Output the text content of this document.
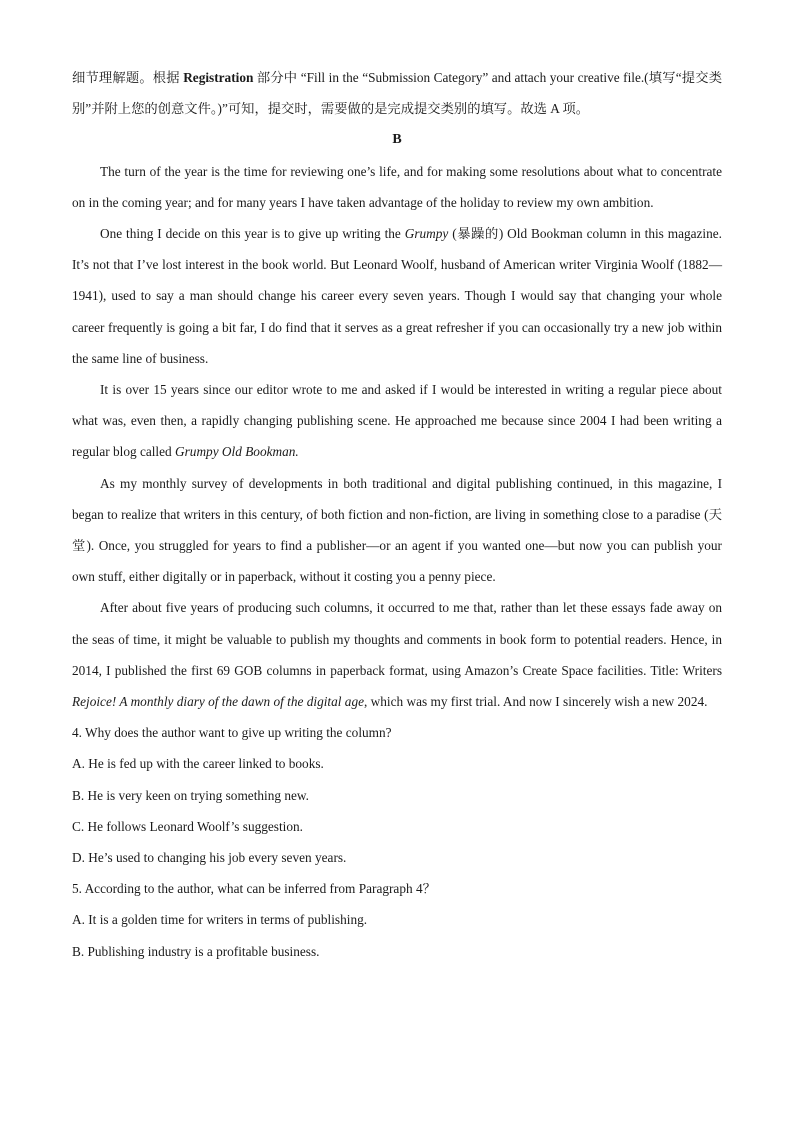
细节理解题。根据 Registration 部分中 “Fill in the “Submission Category” and attach your creative file.(填写“提交类别”并附上您的创意文件。)”可知，提交时，需要做的是完成提交类别的填写。故选 A 项。

B

The turn of the year is the time for reviewing one’s life, and for making some resolutions about what to concentrate on in the coming year; and for many years I have taken advantage of the holiday to review my own ambition.

One thing I decide on this year is to give up writing the Grumpy (暴躁的) Old Bookman column in this magazine. It’s not that I’ve lost interest in the book world. But Leonard Woolf, husband of American writer Virginia Woolf (1882—1941), used to say a man should change his career every seven years. Though I would say that changing your whole career frequently is going a bit far, I do find that it serves as a great refresher if you can occasionally try a new job within the same line of business.

It is over 15 years since our editor wrote to me and asked if I would be interested in writing a regular piece about what was, even then, a rapidly changing publishing scene. He approached me because since 2004 I had been writing a regular blog called Grumpy Old Bookman.

As my monthly survey of developments in both traditional and digital publishing continued, in this magazine, I began to realize that writers in this century, of both fiction and non-fiction, are living in something close to a paradise (天堂). Once, you struggled for years to find a publisher—or an agent if you wanted one—but now you can publish your own stuff, either digitally or in paperback, without it costing you a penny piece.

After about five years of producing such columns, it occurred to me that, rather than let these essays fade away on the seas of time, it might be valuable to publish my thoughts and comments in book form to potential readers. Hence, in 2014, I published the first 69 GOB columns in paperback format, using Amazon’s Create Space facilities. Title: Writers Rejoice! A monthly diary of the dawn of the digital age, which was my first trial. And now I sincerely wish a new 2024.

4. Why does the author want to give up writing the column?

A. He is fed up with the career linked to books.

B. He is very keen on trying something new.

C. He follows Leonard Woolf’s suggestion.

D. He’s used to changing his job every seven years.

5. According to the author, what can be inferred from Paragraph 4？

A. It is a golden time for writers in terms of publishing.

B. Publishing industry is a profitable business.
